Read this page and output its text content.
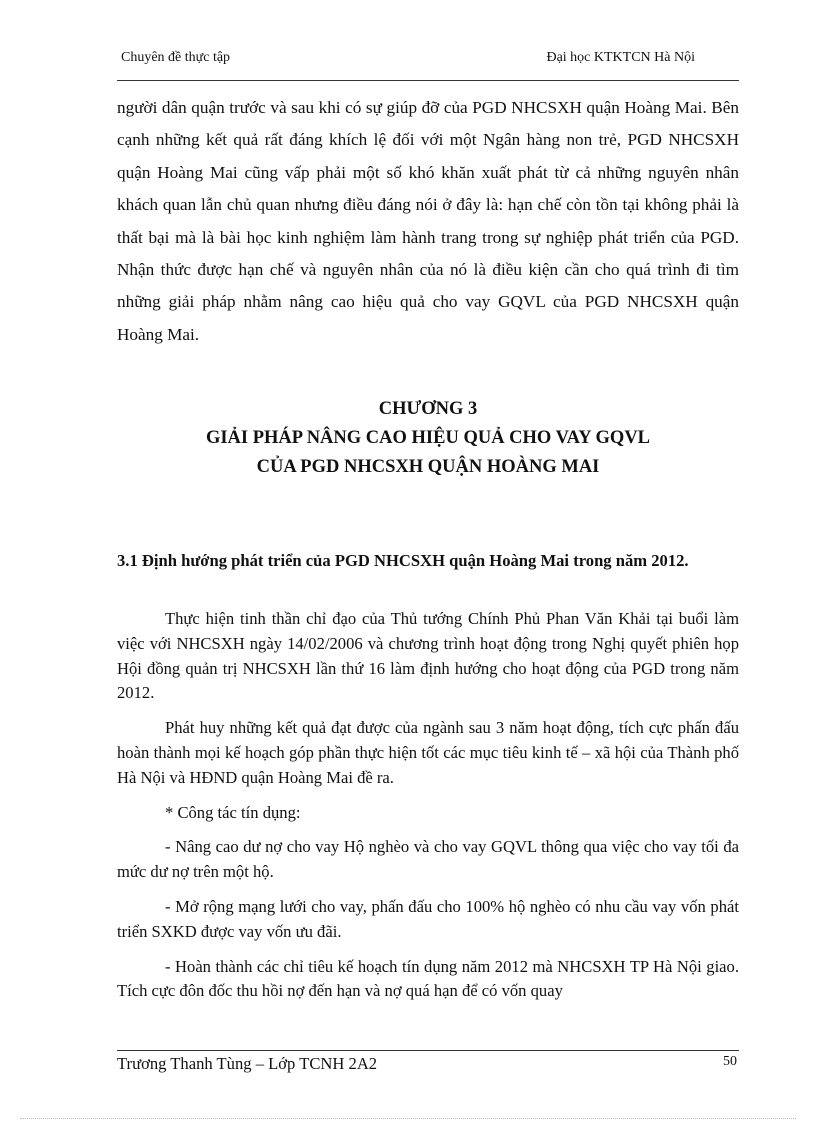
Chuyên đề thực tập	Đại học KTKTCN Hà Nội

người dân quận trước và sau khi có sự giúp đỡ của PGD NHCSXH quận Hoàng Mai. Bên cạnh những kết quả rất đáng khích lệ đối với một Ngân hàng non trẻ, PGD NHCSXH quận Hoàng Mai cũng vấp phải một số khó khăn xuất phát từ cả những nguyên nhân khách quan lẫn chủ quan nhưng điều đáng nói ở đây là: hạn chế còn tồn tại không phải là thất bại mà là bài học kinh nghiệm làm hành trang trong sự nghiệp phát triển của PGD. Nhận thức được hạn chế và nguyên nhân của nó là điều kiện cần cho quá trình đi tìm những giải pháp nhằm nâng cao hiệu quả cho vay GQVL của PGD NHCSXH quận Hoàng Mai.

CHƯƠNG 3
GIẢI PHÁP NÂNG CAO HIỆU QUẢ CHO VAY GQVL
CỦA PGD NHCSXH QUẬN HOÀNG MAI

3.1 Định hướng phát triển của PGD NHCSXH quận Hoàng Mai trong năm 2012.

Thực hiện tinh thần chỉ đạo của Thủ tướng Chính Phủ Phan Văn Khải tại buổi làm việc với NHCSXH ngày 14/02/2006 và chương trình hoạt động trong Nghị quyết phiên họp Hội đồng quản trị NHCSXH lần thứ 16 làm định hướng cho hoạt động của PGD trong năm 2012.

Phát huy những kết quả đạt được của ngành sau 3 năm hoạt động, tích cực phấn đấu hoàn thành mọi kế hoạch góp phần thực hiện tốt các mục tiêu kinh tế – xã hội của Thành phố Hà Nội và HĐND quận Hoàng Mai đề ra.

* Công tác tín dụng:

- Nâng cao dư nợ cho vay Hộ nghèo và cho vay GQVL thông qua việc cho vay tối đa mức dư nợ trên một hộ.

- Mở rộng mạng lưới cho vay, phấn đấu cho 100% hộ nghèo có nhu cầu vay vốn phát triển SXKD được vay vốn ưu đãi.

- Hoàn thành các chỉ tiêu kế hoạch tín dụng năm 2012 mà NHCSXH TP Hà Nội giao. Tích cực đôn đốc thu hồi nợ đến hạn và nợ quá hạn để có vốn quay

Trương Thanh Tùng – Lớp TCNH 2A2	50
